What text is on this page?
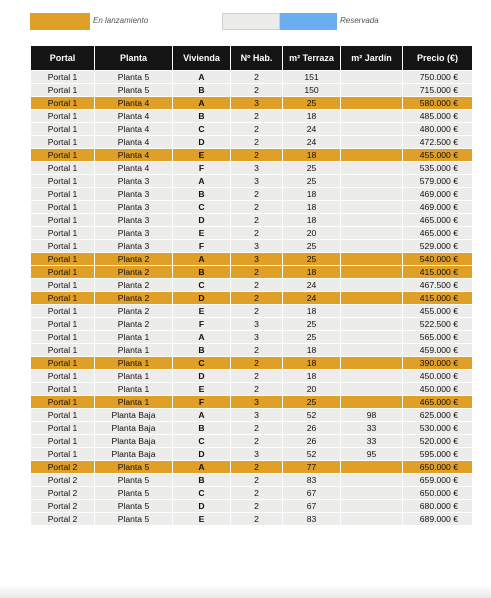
En lanzamiento	Reservada
Portal	Planta	Vivienda	Nº Hab.	m² Terraza	m² Jardín	Precio (€)
Portal 1	Planta 5	A	2	151		750.000 €
Portal 1	Planta 5	B	2	150		715.000 €
Portal 1	Planta 4	A	3	25		580.000 €
Portal 1	Planta 4	B	2	18		485.000 €
Portal 1	Planta 4	C	2	24		480.000 €
Portal 1	Planta 4	D	2	24		472.500 €
Portal 1	Planta 4	E	2	18		455.000 €
Portal 1	Planta 4	F	3	25		535.000 €
Portal 1	Planta 3	A	3	25		579.000 €
Portal 1	Planta 3	B	2	18		469.000 €
Portal 1	Planta 3	C	2	18		469.000 €
Portal 1	Planta 3	D	2	18		465.000 €
Portal 1	Planta 3	E	2	20		465.000 €
Portal 1	Planta 3	F	3	25		529.000 €
Portal 1	Planta 2	A	3	25		540.000 €
Portal 1	Planta 2	B	2	18		415.000 €
Portal 1	Planta 2	C	2	24		467.500 €
Portal 1	Planta 2	D	2	24		415.000 €
Portal 1	Planta 2	E	2	18		455.000 €
Portal 1	Planta 2	F	3	25		522.500 €
Portal 1	Planta 1	A	3	25		565.000 €
Portal 1	Planta 1	B	2	18		459.000 €
Portal 1	Planta 1	C	2	18		390.000 €
Portal 1	Planta 1	D	2	18		450.000 €
Portal 1	Planta 1	E	2	20		450.000 €
Portal 1	Planta 1	F	3	25		465.000 €
Portal 1	Planta Baja	A	3	52	98	625.000 €
Portal 1	Planta Baja	B	2	26	33	530.000 €
Portal 1	Planta Baja	C	2	26	33	520.000 €
Portal 1	Planta Baja	D	3	52	95	595.000 €
Portal 2	Planta 5	A	2	77		650.000 €
Portal 2	Planta 5	B	2	83		659.000 €
Portal 2	Planta 5	C	2	67		650.000 €
Portal 2	Planta 5	D	2	67		680.000 €
Portal 2	Planta 5	E	2	83		689.000 €
